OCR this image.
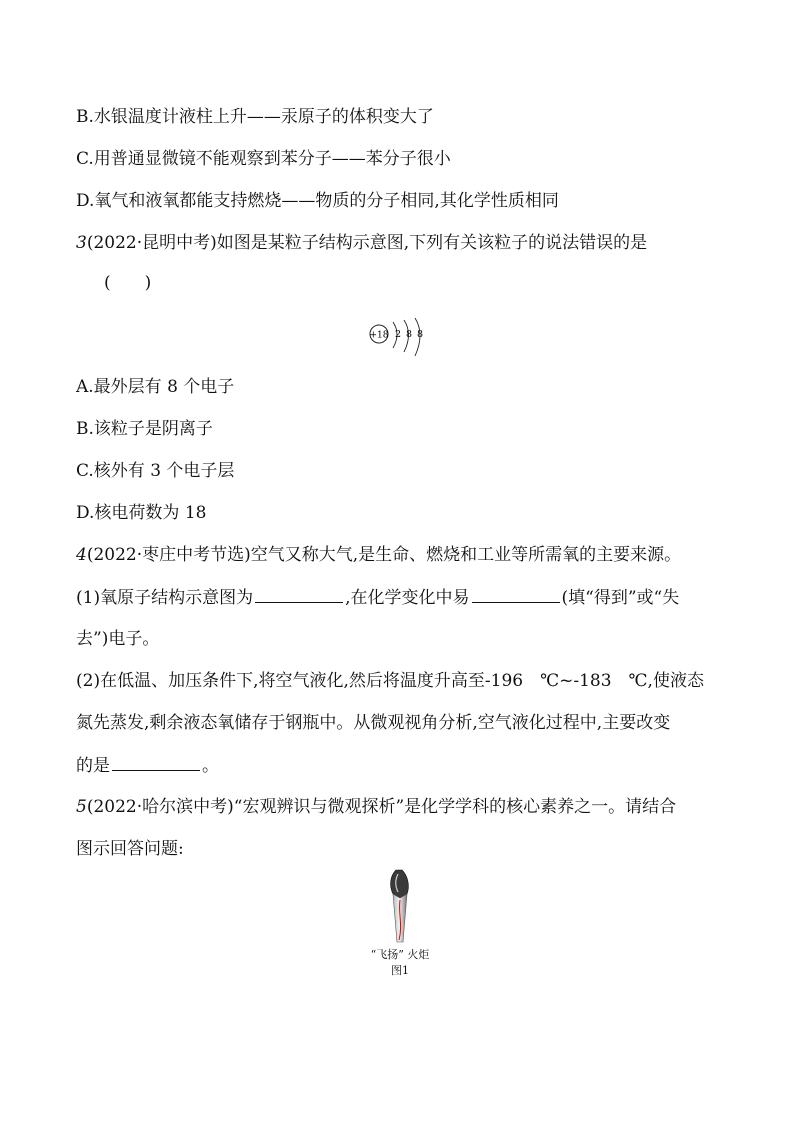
B.水银温度计液柱上升——汞原子的体积变大了
C.用普通显微镜不能观察到苯分子——苯分子很小
D.氧气和液氧都能支持燃烧——物质的分子相同,其化学性质相同
3(2022·昆明中考)如图是某粒子结构示意图,下列有关该粒子的说法错误的是
(　　)
+18 2 8 8
A.最外层有 8 个电子
B.该粒子是阴离子
C.核外有 3 个电子层
D.核电荷数为 18
4(2022·枣庄中考节选)空气又称大气,是生命、燃烧和工业等所需氧的主要来源。
(1)氧原子结构示意图为	,在化学变化中易	(填“得到”或“失
去”)电子。
(2)在低温、加压条件下,将空气液化,然后将温度升高至-196　℃~-183　℃,使液态
氮先蒸发,剩余液态氧储存于钢瓶中。从微观视角分析,空气液化过程中,主要改变
的是	。
5(2022·哈尔滨中考)“宏观辨识与微观探析”是化学学科的核心素养之一。请结合
图示回答问题:
“飞扬” 火炬
图1
